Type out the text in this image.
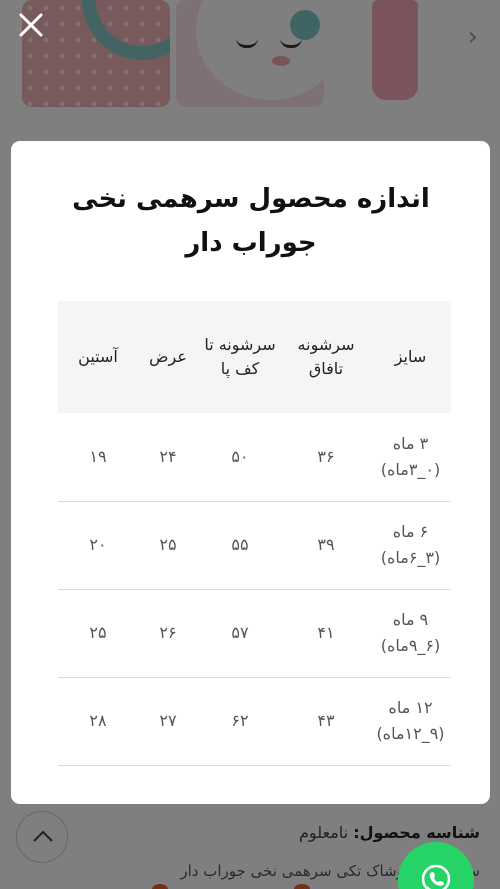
اندازه محصول سرهمی نخی جوراب دار
سایز	سرشونه تافاق	سرشونه تا کف پا	عرض	آستین

۳ ماه
(۰_۳ماه)	۳۶	۵۰	۲۴	۱۹

۶ ماه
(۳_۶ماه)	۳۹	۵۵	۲۵	۲۰

۹ ماه
(۶_۹ماه)	۴۱	۵۷	۲۶	۲۵

۱۲ ماه
(۹_۱۲ماه)	۴۳	۶۲	۲۷	۲۸
